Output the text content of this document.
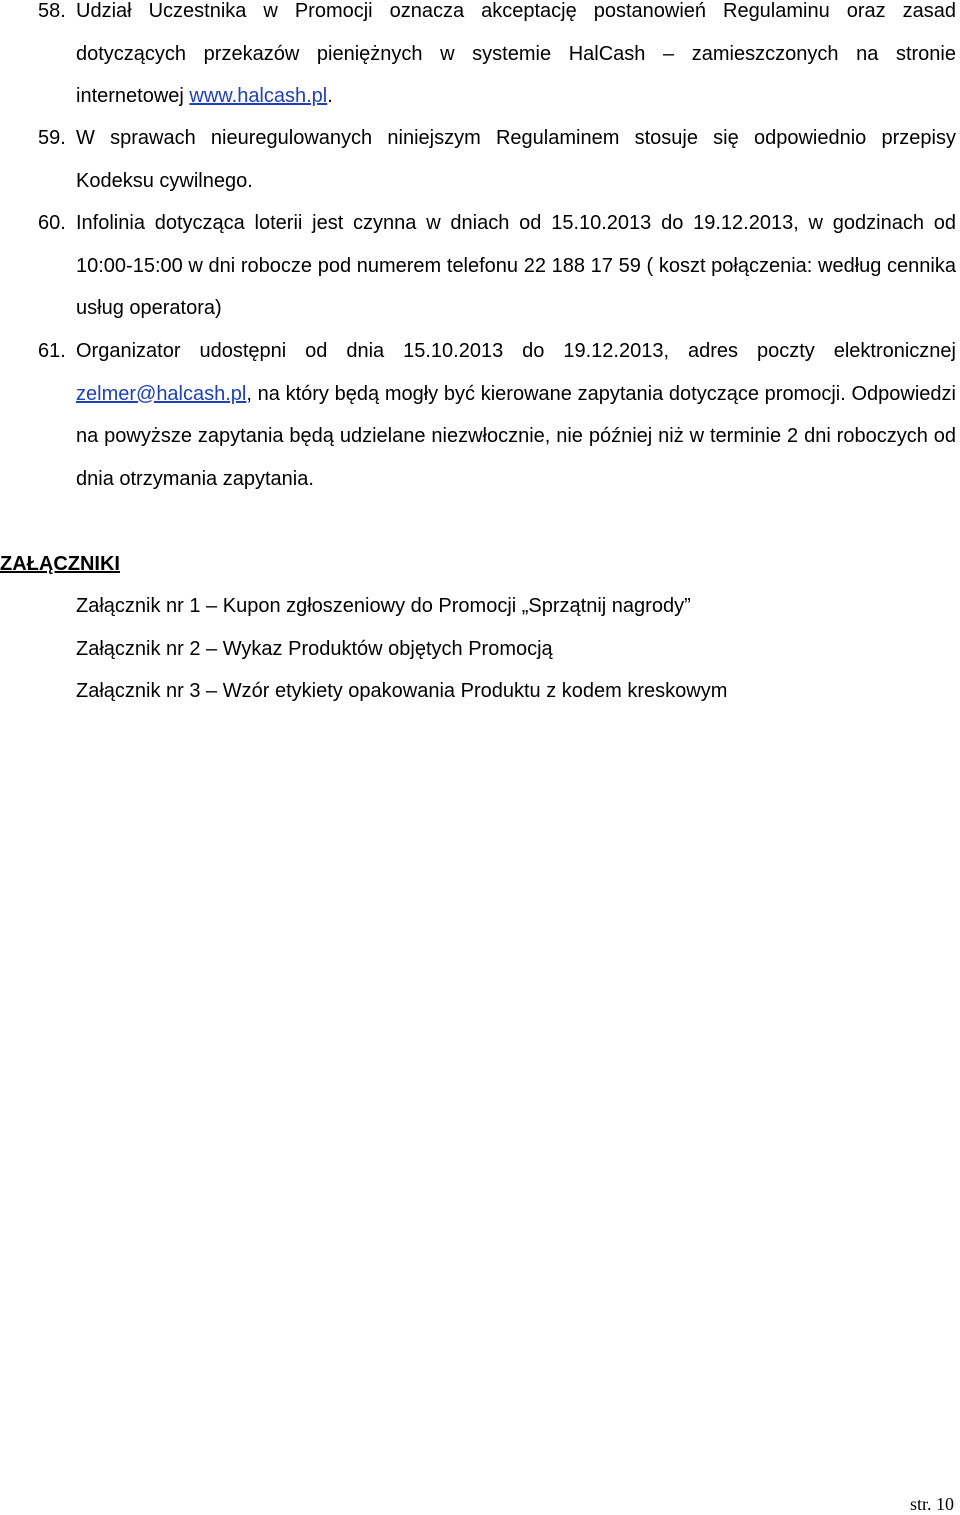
58. Udział Uczestnika w Promocji oznacza akceptację postanowień Regulaminu oraz zasad dotyczących przekazów pieniężnych w systemie HalCash – zamieszczonych na stronie internetowej www.halcash.pl.
59. W sprawach nieuregulowanych niniejszym Regulaminem stosuje się odpowiednio przepisy Kodeksu cywilnego.
60. Infolinia dotycząca loterii jest czynna w dniach od 15.10.2013 do 19.12.2013, w godzinach od 10:00-15:00 w dni robocze pod numerem telefonu 22 188 17 59 ( koszt połączenia: według cennika usług operatora)
61. Organizator udostępni od dnia 15.10.2013 do 19.12.2013, adres poczty elektronicznej zelmer@halcash.pl, na który będą mogły być kierowane zapytania dotyczące promocji. Odpowiedzi na powyższe zapytania będą udzielane niezwłocznie, nie później niż w terminie 2 dni roboczych od dnia otrzymania zapytania.
ZAŁĄCZNIKI
Załącznik nr 1 – Kupon zgłoszeniowy do Promocji „Sprzątnij nagrody”
Załącznik nr 2 – Wykaz Produktów objętych Promocją
Załącznik nr 3 – Wzór etykiety opakowania Produktu z kodem kreskowym
str. 10
